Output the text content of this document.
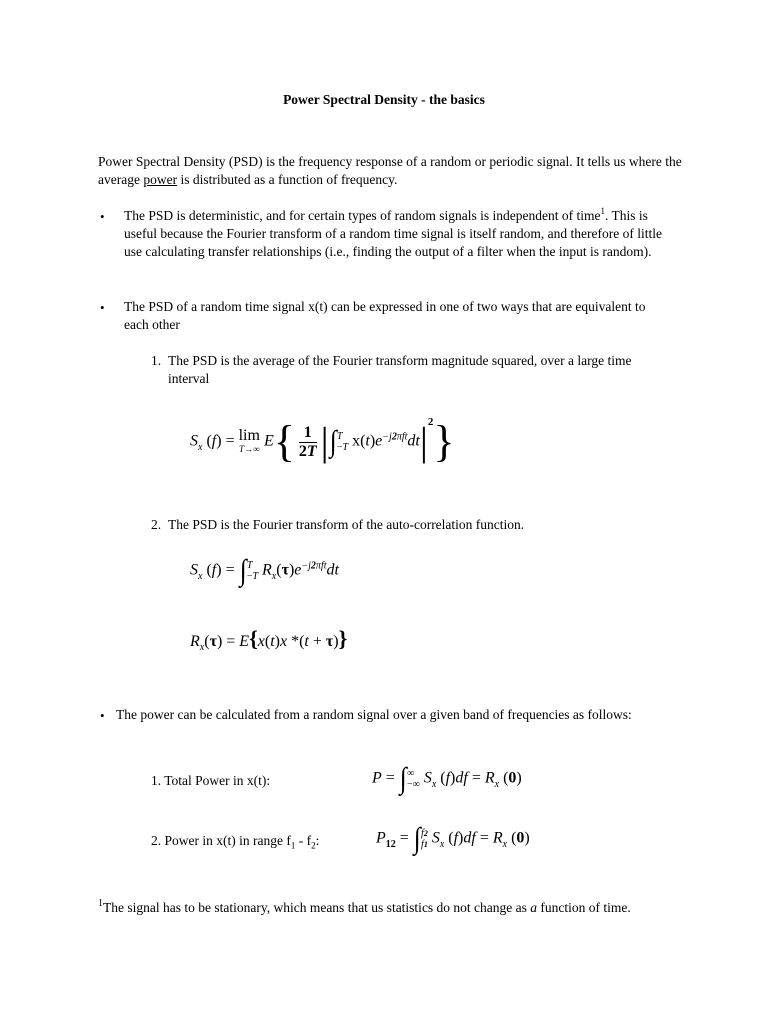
Power Spectral Density - the basics

Power Spectral Density (PSD) is the frequency response of a random or periodic signal. It tells us where the average power is distributed as a function of frequency.

• The PSD is deterministic, and for certain types of random signals is independent of time$^1$. This is useful because the Fourier transform of a random time signal is itself random, and therefore of little use calculating transfer relationships (i.e., finding the output of a filter when the input is random).

• The PSD of a random time signal x(t) can be expressed in one of two ways that are equivalent to each other

1. The PSD is the average of the Fourier transform magnitude squared, over a large time interval

$S_x$ (f) = lim
T→∞ $E\{ \frac{1}{2T} |\int T$
−T $x(t)e^{-j2\pi ft}dt|^2$}
2. The PSD is the Fourier transform of the auto-correlation function.

$S_x$ (f) = ∫T
−T $R_x(\tau)e^{-j2\pi ft}dt$
$R_x(\tau) = E\{x(t)x$ *(t + τ)}
• The power can be calculated from a random signal over a given band of frequencies as follows:

1. Total Power in x(t):	P = ∫∞
−∞ $S_x$ $(f)df = R_x$ (0)

2. Power in x(t) in range $f_1 - f_2$:	$P_{12} = \int f2$
f1 $S_x$ $(f)df = R_x$ (0)

$^1$The signal has to be stationary, which means that us statistics do not change as a function of time.
